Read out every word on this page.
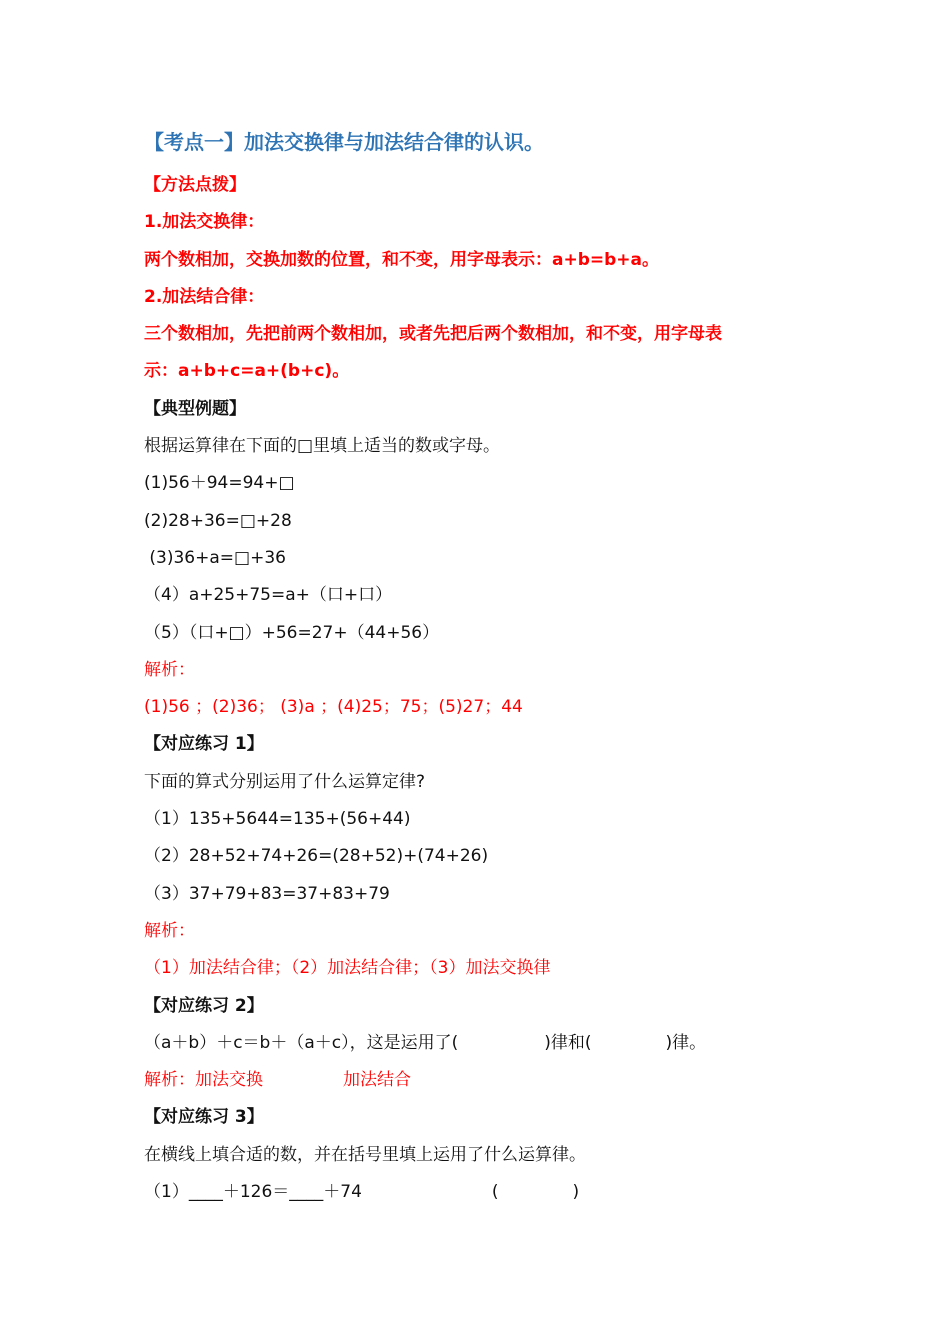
【考点一】加法交换律与加法结合律的认识。
【方法点拨】
1.加法交换律：
两个数相加，交换加数的位置，和不变，用字母表示：a+b=b+a。
2.加法结合律：
三个数相加，先把前两个数相加，或者先把后两个数相加，和不变，用字母表
示：a+b+c=a+(b+c)。
【典型例题】
根据运算律在下面的□里填上适当的数或字母。
(1)56＋94=94+□
(2)28+36=□+28
(3)36+a=□+36
（4）a+25+75=a+（口+口）
（5）（口+□）+56=27+（44+56）
解析：
(1)56 ；(2)36； (3)a ；(4)25；75；(5)27；44
【对应练习 1】
下面的算式分别运用了什么运算定律?
（1）135+5644=135+(56+44)
（2）28+52+74+26=(28+52)+(74+26)
（3）37+79+83=37+83+79
解析：
（1）加法结合律；（2）加法结合律；（3）加法交换律
【对应练习 2】
（a＋b）＋c＝b＋（a＋c），这是运用了(	)律和(	)律。
解析：加法交换	加法结合
【对应练习 3】
在横线上填合适的数，并在括号里填上运用了什么运算律。
（1）____＋126＝____＋74	(	)
